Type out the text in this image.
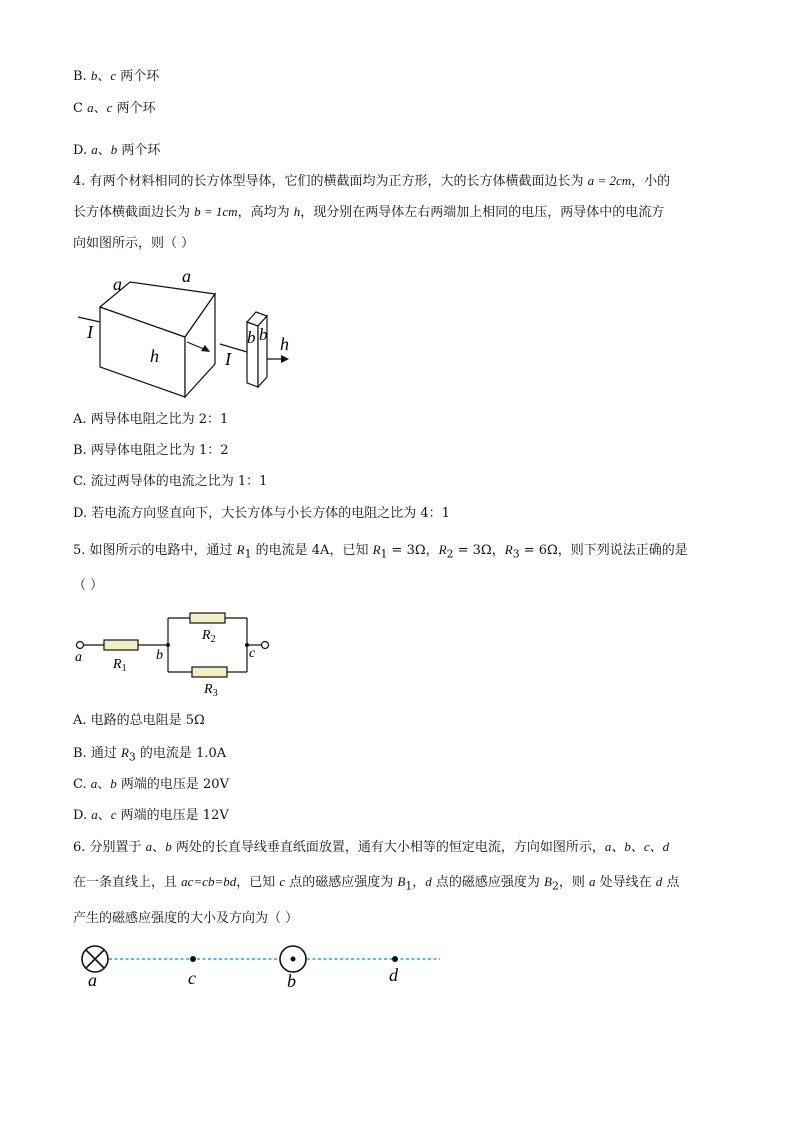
B. b、c 两个环
C a、c 两个环
D. a、b 两个环
4. 有两个材料相同的长方体型导体，它们的横截面均为正方形，大的长方体横截面边长为 a = 2cm，小的
长方体横截面边长为 b = 1cm，高均为 h，现分别在两导体左右两端加上相同的电压，两导体中的电流方
向如图所示，则（ ）
I
a	a
h	I
b b h
A. 两导体电阻之比为 2：1
B. 两导体电阻之比为 1：2
C. 流过两导体的电流之比为 1：1
D. 若电流方向竖直向下，大长方体与小长方体的电阻之比为 4：1
5. 如图所示的电路中，通过 $R_1$ 的电流是 4A，已知 $R_1 = 3\Omega$，$R_2 = 3\Omega$，$R_3 = 6\Omega$，则下列说法正确的是
（ ）
a	b	c
$R_1$
$R_2$
$R_3$
A. 电路的总电阻是 5Ω
B. 通过 $R_3$ 的电流是 1.0A
C. a、b 两端的电压是 20V
D. a、c 两端的电压是 12V
6. 分别置于 a、b 两处的长直导线垂直纸面放置，通有大小相等的恒定电流，方向如图所示，a、b、c、d
在一条直线上，且 ac=cb=bd，已知 c 点的磁感应强度为 $B_1$，d 点的磁感应强度为 $B_2$，则 a 处导线在 d 点
产生的磁感应强度的大小及方向为（ ）
a	c	b	d
